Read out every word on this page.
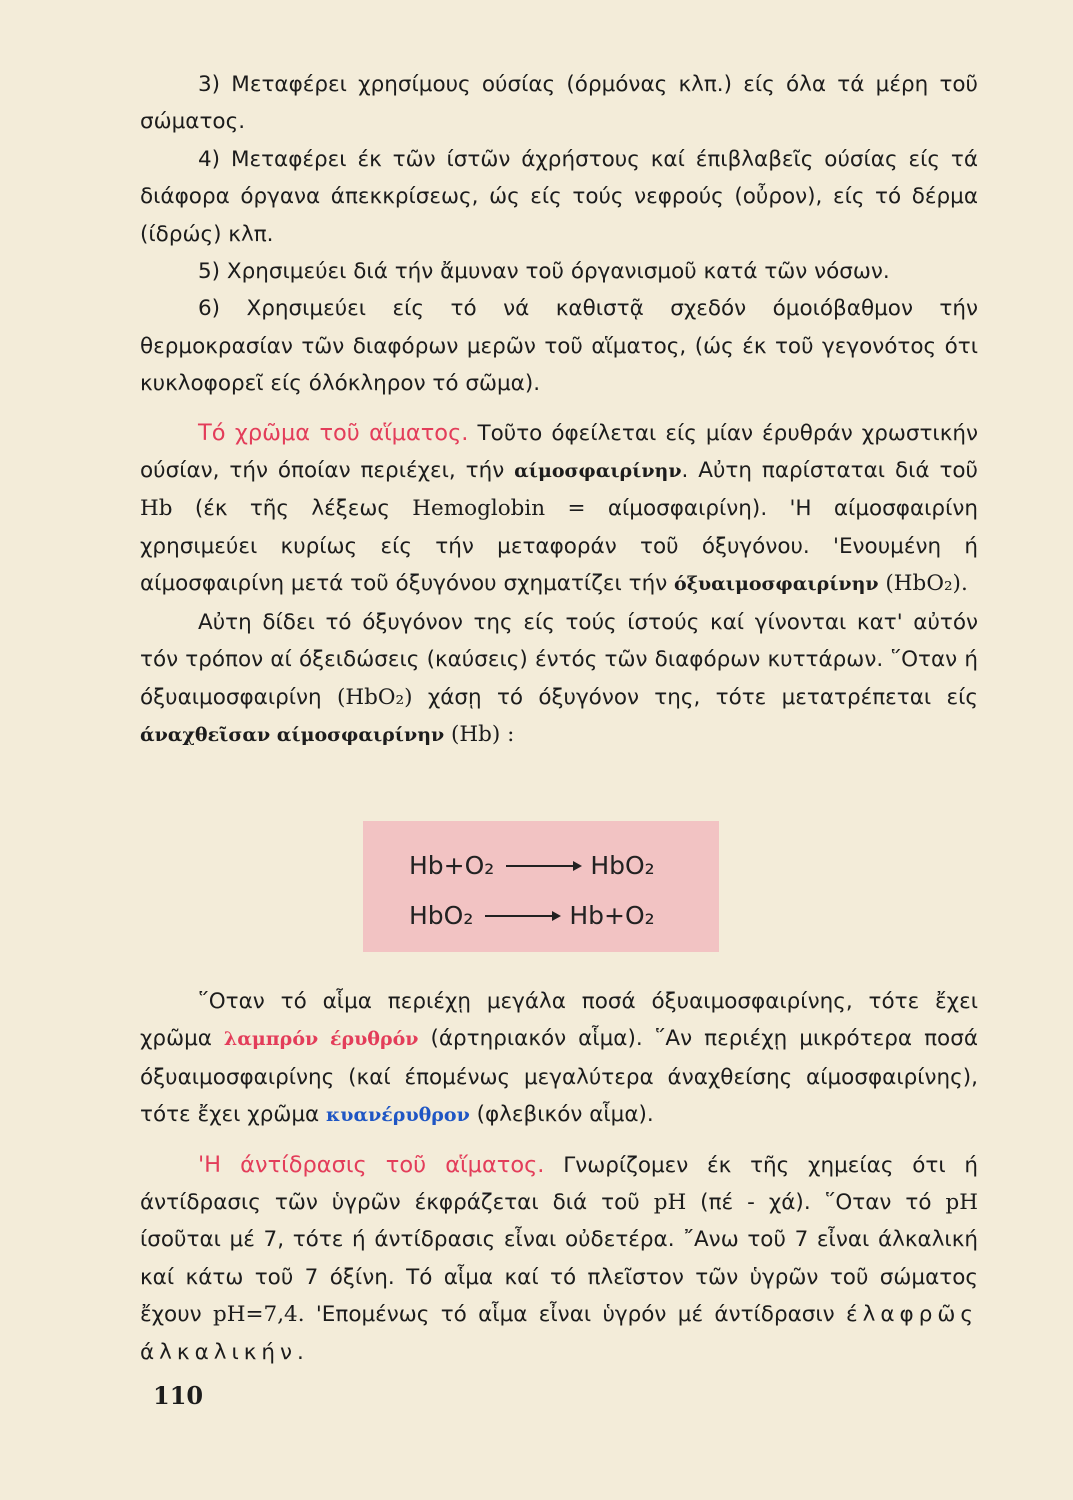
3) Μεταφέρει χρησίμους ούσίας (όρμόνας κλπ.) είς όλα τά μέρη τοῦ σώματος.

4) Μεταφέρει έκ τῶν ίστῶν άχρήστους καί έπιβλαβεῖς ούσίας είς τά διάφορα όργανα άπεκκρίσεως, ώς είς τούς νεφρούς (οὖρον), είς τό δέρμα (ίδρώς) κλπ.

5) Χρησιμεύει διά τήν ἄμυναν τοῦ όργανισμοῦ κατά τῶν νόσων.

6) Χρησιμεύει είς τό νά καθιστᾷ σχεδόν όμοιόβαθμον τήν θερμοκρασίαν τῶν διαφόρων μερῶν τοῦ αἵματος, (ώς έκ τοῦ γεγονότος ότι κυκλοφορεῖ είς όλόκληρον τό σῶμα).

Τό χρῶμα τοῦ αἵματος. Τοῦτο όφείλεται είς μίαν έρυθράν χρωστικήν ούσίαν, τήν όποίαν περιέχει, τήν αίμοσφαιρίνην. Αὐτη παρίσταται διά τοῦ Hb (έκ τῆς λέξεως Hemoglobin = αίμοσφαιρίνη). 'Η αίμοσφαιρίνη χρησιμεύει κυρίως είς τήν μεταφοράν τοῦ όξυγόνου. 'Ενουμένη ή αίμοσφαιρίνη μετά τοῦ όξυγόνου σχηματίζει τήν όξυαιμοσφαιρίνην (HbO₂).

Αὐτη δίδει τό όξυγόνον της είς τούς ίστούς καί γίνονται κατ' αὐτόν τόν τρόπον αί όξειδώσεις (καύσεις) έντός τῶν διαφόρων κυττάρων. ῞Οταν ή όξυαιμοσφαιρίνη (HbO₂) χάσῃ τό όξυγόνον της, τότε μετατρέπεται είς άναχθεῖσαν αίμοσφαιρίνην (Hb) :

Hb+O₂	HbO₂
HbO₂	Hb+O₂

῞Οταν τό αἷμα περιέχῃ μεγάλα ποσά όξυαιμοσφαιρίνης, τότε ἔχει χρῶμα λαμπρόν έρυθρόν (άρτηριακόν αἷμα). ῞Αν περιέχῃ μικρότερα ποσά όξυαιμοσφαιρίνης (καί έπομένως μεγαλύτερα άναχθείσης αίμοσφαιρίνης), τότε ἔχει χρῶμα κυανέρυθρον (φλεβικόν αἷμα).

'Η άντίδρασις τοῦ αἵματος. Γνωρίζομεν έκ τῆς χημείας ότι ή άντίδρασις τῶν ὑγρῶν έκφράζεται διά τοῦ pH (πέ - χά). ῞Οταν τό pH ίσοῦται μέ 7, τότε ή άντίδρασις εἶναι οὐδετέρα. ῎Ανω τοῦ 7 εἶναι άλκαλική καί κάτω τοῦ 7 όξίνη. Τό αἷμα καί τό πλεῖστον τῶν ὑγρῶν τοῦ σώματος ἔχουν pH=7,4. 'Επομένως τό αἷμα εἶναι ὑγρόν μέ άντίδρασιν έλαφρῶς άλκαλικήν.

110
